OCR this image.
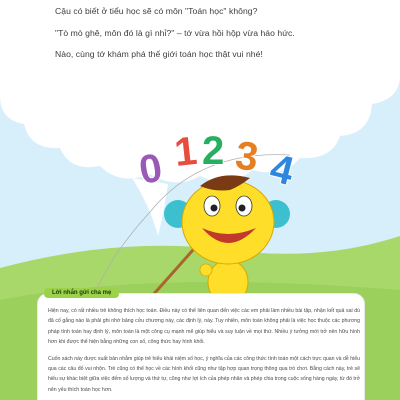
0 1 2 3 4
Cậu có biết ở tiểu học sẽ có môn "Toán học" không?
"Tò mò ghê, môn đó là gì nhỉ?" – tớ vừa hồi hộp vừa háo hức.
Nào, cùng tớ khám phá thế giới toán học thật vui nhé!
Lời nhắn gửi cha mẹ

Hiện nay, có rất nhiều trẻ không thích học toán. Điều này có thể liên quan đến việc các em phải làm nhiều bài tập, nhận kết quả sai dù đã cố gắng nào là phải ghi nhớ bảng cửu chương này, các định lý, này. Tuy nhiên, môn toán không phải là việc học thuộc các phương pháp tính toán hay định lý, môn toán là một công cụ mạnh mẽ giúp hiểu và suy luận về mọi thứ. Nhiều ý tưởng mới trở nên hữu hình hơn khi được thể hiện bằng những con số, công thức hay hình khối.

Cuốn sách này được xuất bản nhằm giúp trẻ hiểu khái niệm số học, ý nghĩa của các công thức tính toán một cách trực quan và dễ hiểu qua các câu đố vui nhộn. Trẻ cũng có thể học về các hình khối cũng như tập hợp quan trọng thông qua trò chơi. Bằng cách này, trẻ sẽ hiểu sự khác biệt giữa việc đếm số lượng và thứ tự, cũng như lợi ích của phép nhân và phép chia trong cuộc sống hàng ngày, từ đó trở nên yêu thích toán học hơn.
